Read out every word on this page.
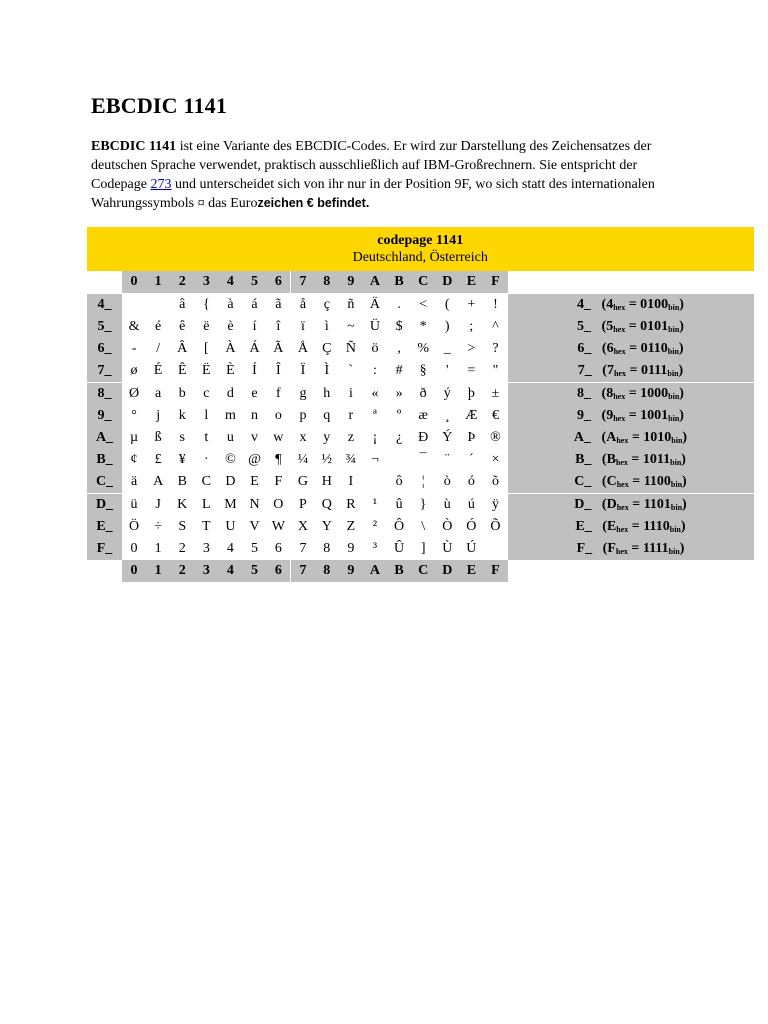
EBCDIC 1141
EBCDIC 1141 ist eine Variante des EBCDIC-Codes. Er wird zur Darstellung des Zeichensatzes der deutschen Sprache verwendet, praktisch ausschließlich auf IBM-Großrechnern. Sie entspricht der Codepage 273 und unterscheidet sich von ihr nur in der Position 9F, wo sich statt des internationalen Wahrungssymbols ¤ das Eurozeichen € befindet.
codepage 1141
Deutschland, Österreich																	

	0	1	2	3	4	5	6	7	8	9	A	B	C	D	E	F	
4_			â	{	à	á	ã	å	ç	ñ	Ä	.	<	(	+	!	4_ $(4_{hex} = 0100_{bin})$
5_	&	é	ê	ë	è	í	î	ï	ì	~	Ü	$	*	)	;	^	5_ $(5_{hex} = 0101_{bin})$
6_	-	/	Â	[	À	Á	Ã	Å	Ç	Ñ	ö	,	%	_	>	?	6_ $(6_{hex} = 0110_{bin})$
7_	ø	É	Ê	Ë	È	Í	Î	Ï	Ì	`	:	#	§	'	=	"	7_ $(7_{hex} = 0111_{bin})$
8_	Ø	a	b	c	d	e	f	g	h	i	«	»	ð	ý	þ	±	8_ $(8_{hex} = 1000_{bin})$
9_	°	j	k	l	m	n	o	p	q	r	ª	º	æ	¸	Æ	€	9_ $(9_{hex} = 1001_{bin})$
A_	µ	ß	s	t	u	v	w	x	y	z	¡	¿	Ð	Ý	Þ	®	A_ $(A_{hex} = 1010_{bin})$
B_	¢	£	¥	·	©	@	¶	¼	½	¾	¬		¯	¨	´	×	B_ $(B_{hex} = 1011_{bin})$
C_	ä	A	B	C	D	E	F	G	H	I		ô	¦	ò	ó	õ	C_ $(C_{hex} = 1100_{bin})$
D_	ü	J	K	L	M	N	O	P	Q	R	¹	û	}	ù	ú	ÿ	D_ $(D_{hex} = 1101_{bin})$
E_	Ö	÷	S	T	U	V	W	X	Y	Z	²	Ô	\	Ò	Ó	Õ	E_ $(E_{hex} = 1110_{bin})$
F_	0	1	2	3	4	5	6	7	8	9	³	Û	]	Ù	Ú		F_ $(F_{hex} = 1111_{bin})$
	0	1	2	3	4	5	6	7	8	9	A	B	C	D	E	F	
